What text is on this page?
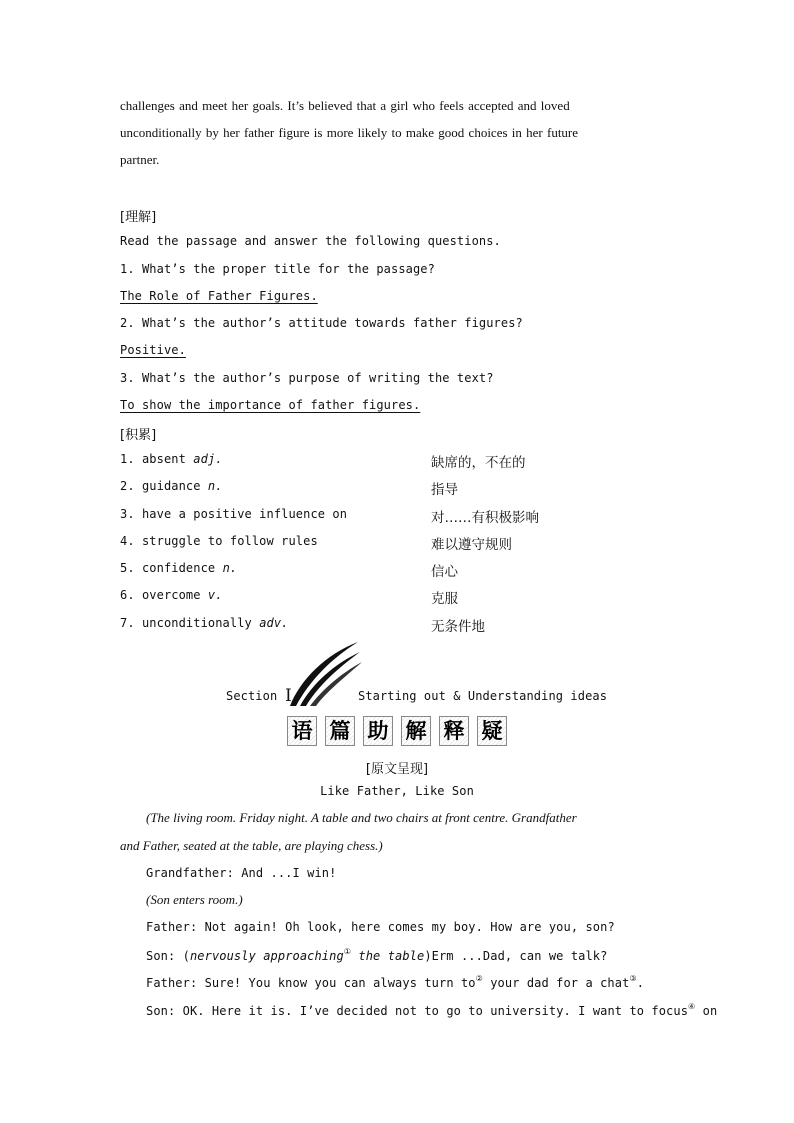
challenges and meet her goals. It’s believed that a girl who feels accepted and loved
unconditionally by her father figure is more likely to make good choices in her future
partner.
[理解]
Read the passage and answer the following questions.
1. What’s the proper title for the passage?
The Role of Father Figures.
2. What’s the author’s attitude towards father figures?
Positive.
3. What’s the author’s purpose of writing the text?
To show the importance of father figures.
[积累]
1. absent adj.	缺席的，不在的
2. guidance n.	指导
3. have a positive influence on	对……有积极影响
4. struggle to follow rules	难以遵守规则
5. confidence n.	信心
6. overcome v.	克服
7. unconditionally adv.	无条件地
Section Ⅰ	Starting out & Understanding ideas
语 篇 助 解 释 疑
[原文呈现]
Like Father, Like Son
(The living room. Friday night. A table and two chairs at front centre. Grandfather
and Father, seated at the table, are playing chess.)
Grandfather: And ...I win!
(Son enters room.)
Father: Not again! Oh look, here comes my boy. How are you, son?
Son: (nervously approaching① the table)Erm ...Dad, can we talk?
Father: Sure! You know you can always turn to② your dad for a chat③.
Son: OK. Here it is. I’ve decided not to go to university. I want to focus④ on
